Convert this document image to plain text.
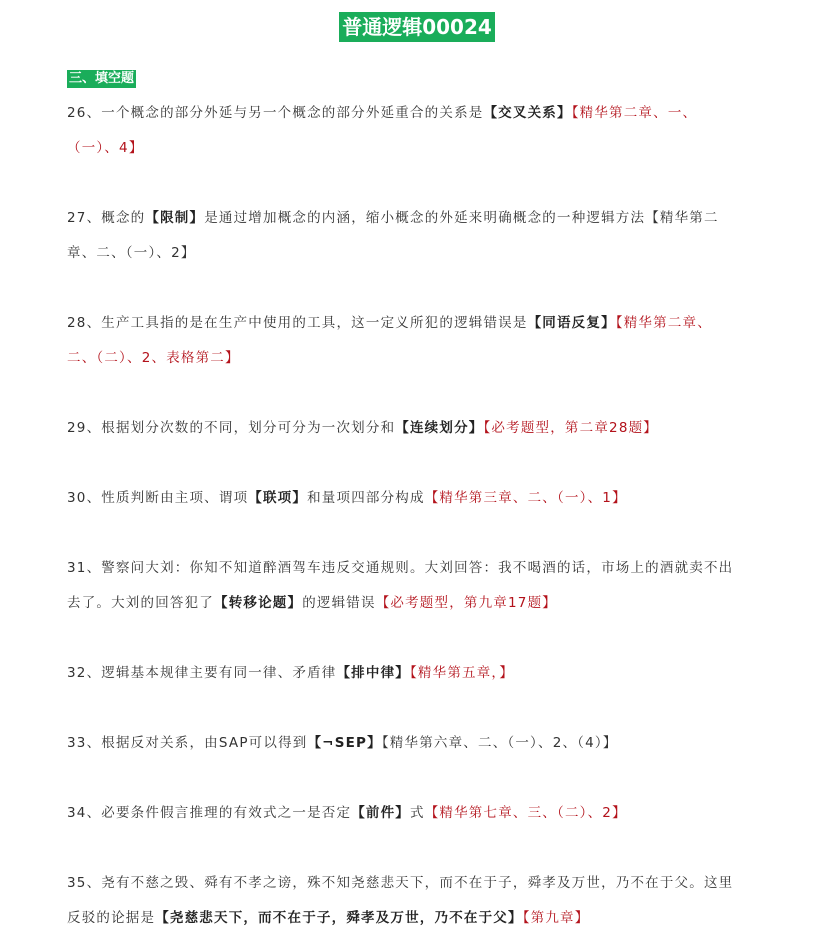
普通逻辑00024
三、填空题
26、一个概念的部分外延与另一个概念的部分外延重合的关系是【交叉关系】【精华第二章、一、（一）、4】
27、概念的【限制】是通过增加概念的内涵，缩小概念的外延来明确概念的一种逻辑方法【精华第二章、二、（一）、2】
28、生产工具指的是在生产中使用的工具，这一定义所犯的逻辑错误是【同语反复】【精华第二章、二、（二）、2、表格第二】
29、根据划分次数的不同，划分可分为一次划分和【连续划分】【必考题型，第二章28题】
30、性质判断由主项、谓项【联项】和量项四部分构成【精华第三章、二、（一）、1】
31、警察问大刘：你知不知道醉酒驾车违反交通规则。大刘回答：我不喝酒的话，市场上的酒就卖不出去了。大刘的回答犯了【转移论题】的逻辑错误【必考题型，第九章17题】
32、逻辑基本规律主要有同一律、矛盾律【排中律】【精华第五章，】
33、根据反对关系，由SAP可以得到【¬SEP】【精华第六章、二、（一）、2、（4）】
34、必要条件假言推理的有效式之一是否定【前件】式【精华第七章、三、（二）、2】
35、尧有不慈之毁、舜有不孝之谤，殊不知尧慈悲天下，而不在于子，舜孝及万世，乃不在于父。这里反驳的论据是【尧慈悲天下，而不在于子，舜孝及万世，乃不在于父】【第九章】
